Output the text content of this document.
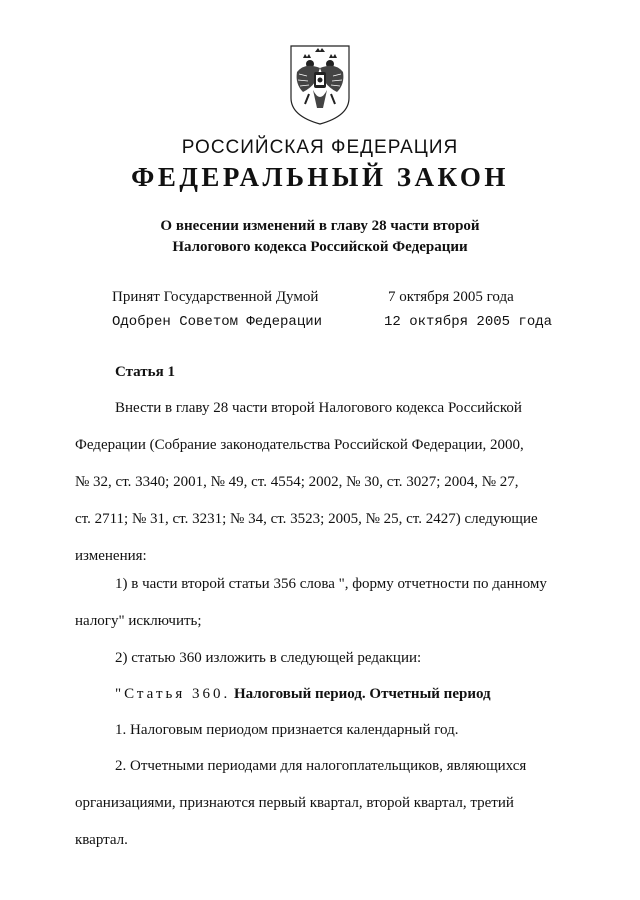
РОССИЙСКАЯ ФЕДЕРАЦИЯ
ФЕДЕРАЛЬНЫЙ ЗАКОН
О внесении изменений в главу 28 части второй
Налогового кодекса Российской Федерации
Принят Государственной Думой	7 октября 2005 года
Одобрен Советом Федерации	12 октября 2005 года
Статья 1
Внести в главу 28 части второй Налогового кодекса Российской
Федерации (Собрание законодательства Российской Федерации, 2000,
№ 32, ст. 3340; 2001, № 49, ст. 4554; 2002, № 30, ст. 3027; 2004, № 27,
ст. 2711; № 31, ст. 3231; № 34, ст. 3523; 2005, № 25, ст. 2427) следующие
изменения:
1) в части второй статьи 356 слова ", форму отчетности по данному
налогу" исключить;
2) статью 360 изложить в следующей редакции:
"Статья 360. Налоговый период. Отчетный период
1. Налоговым периодом признается календарный год.
2. Отчетными периодами для налогоплательщиков, являющихся
организациями, признаются первый квартал, второй квартал, третий
квартал.
